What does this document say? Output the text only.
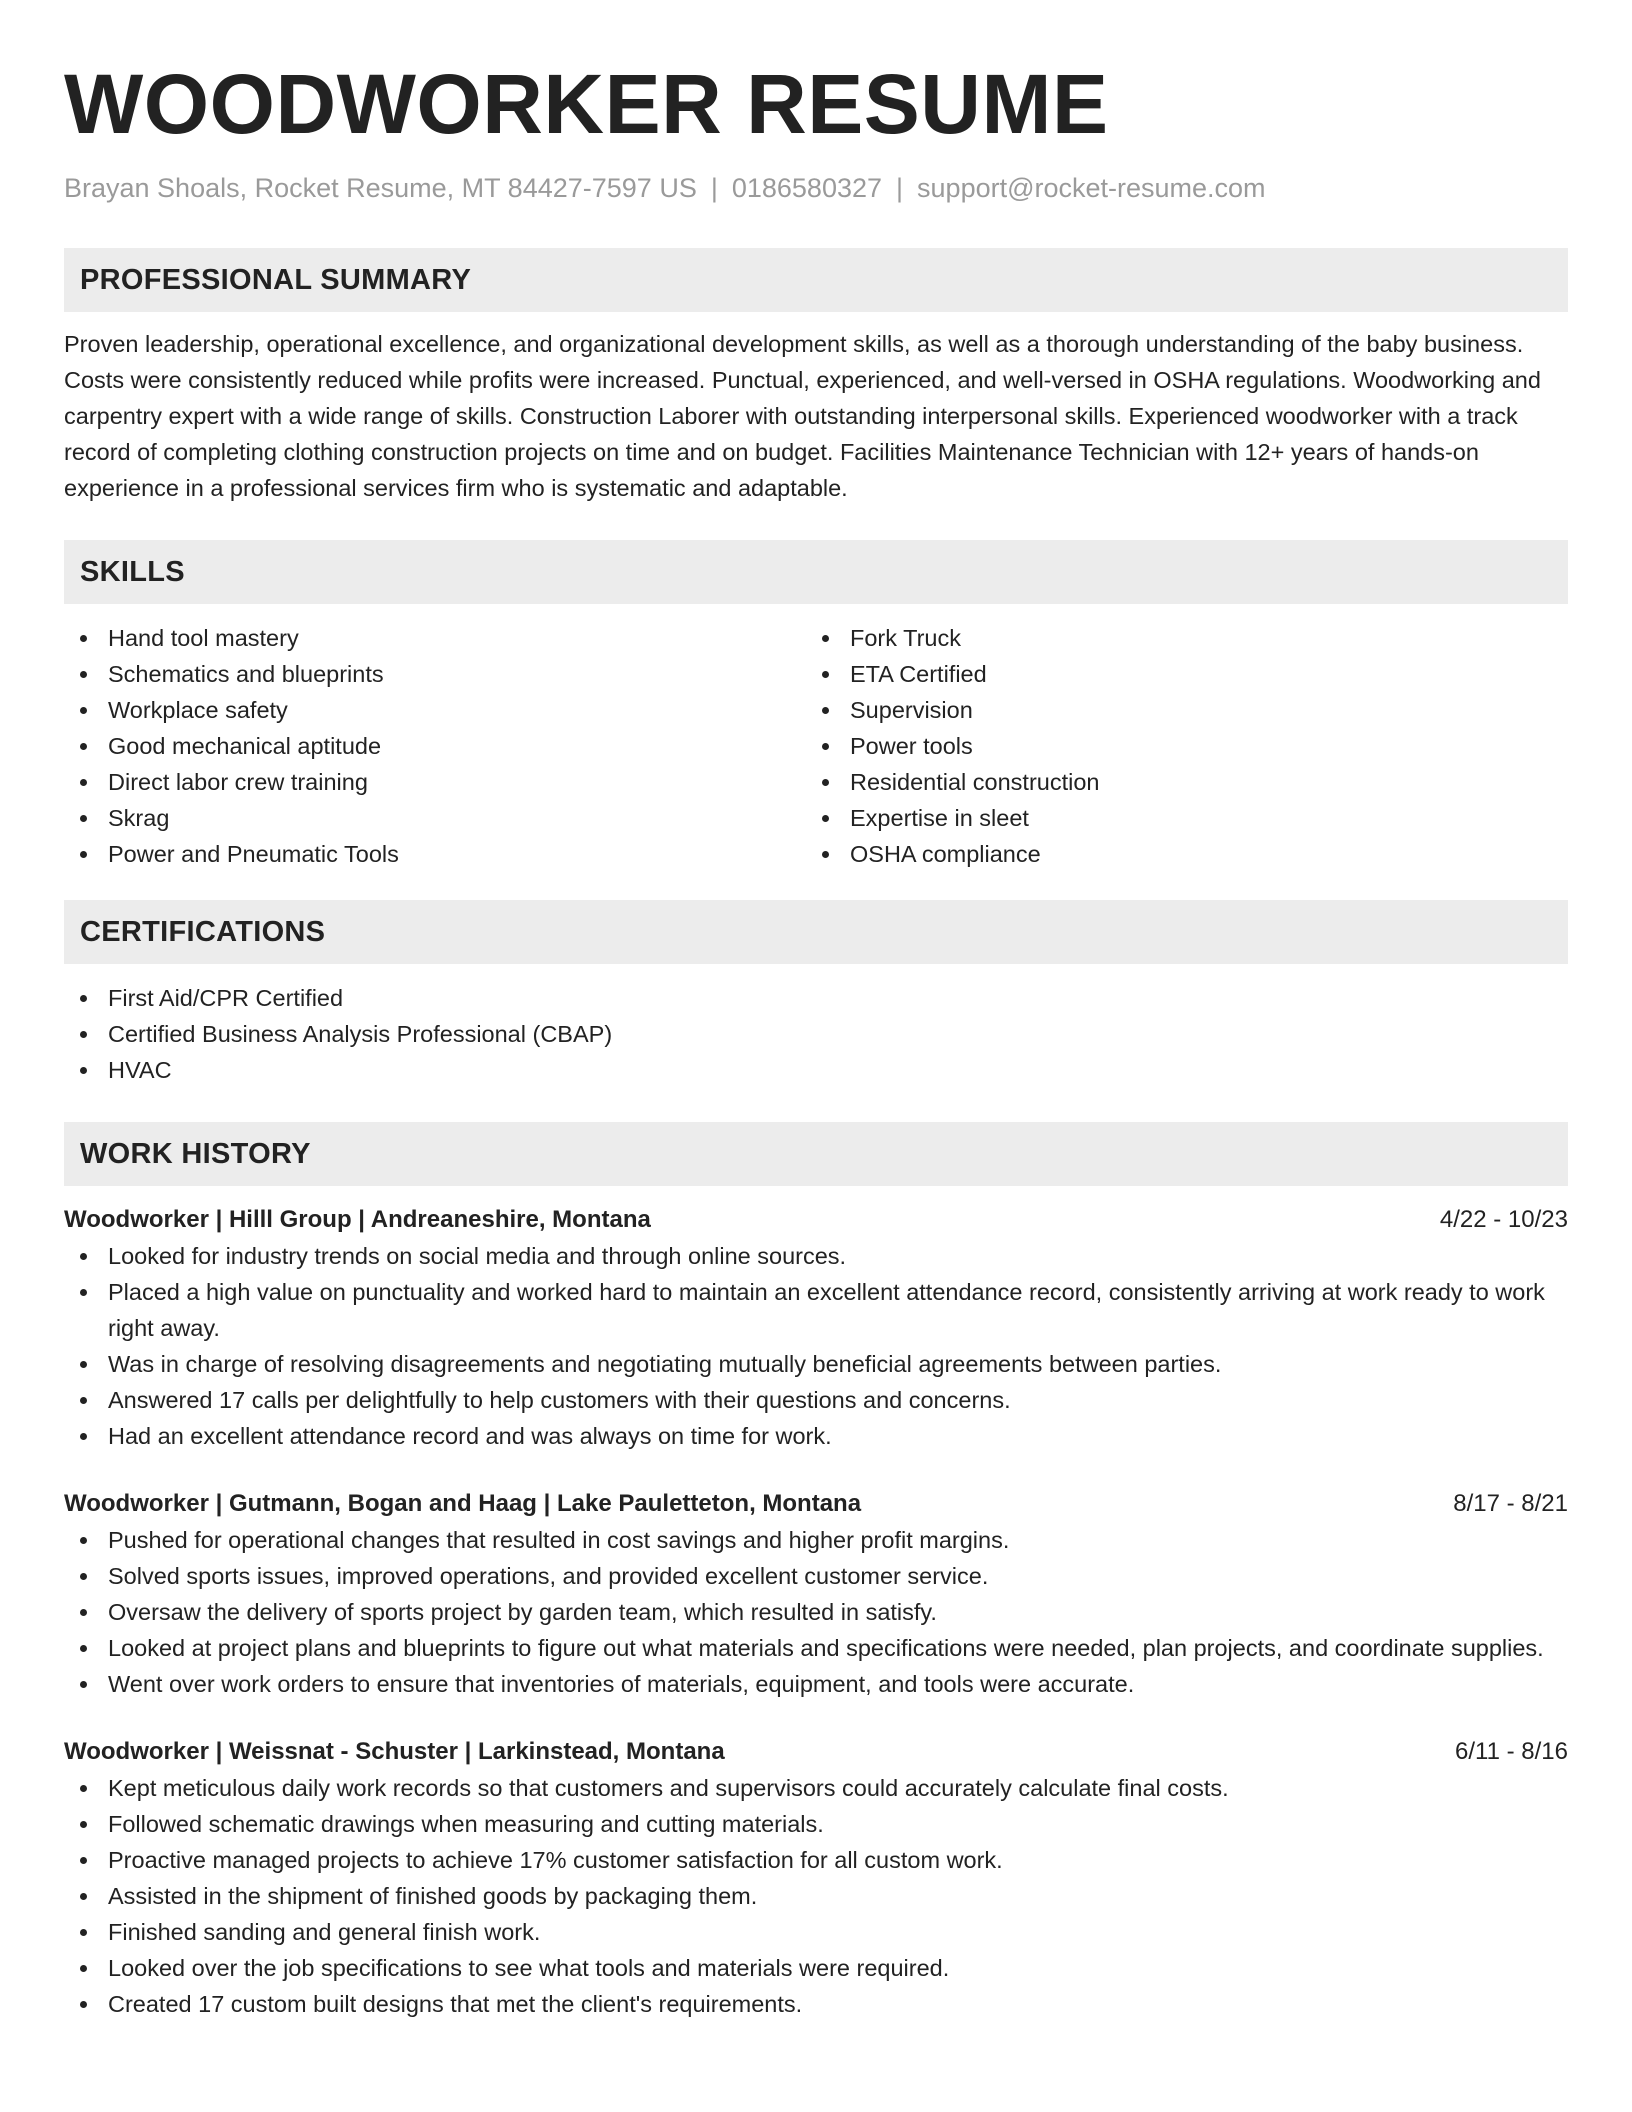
WOODWORKER RESUME
Brayan Shoals, Rocket Resume, MT 84427-7597 US | 0186580327 | support@rocket-resume.com
PROFESSIONAL SUMMARY
Proven leadership, operational excellence, and organizational development skills, as well as a thorough understanding of the baby business. Costs were consistently reduced while profits were increased. Punctual, experienced, and well-versed in OSHA regulations. Woodworking and carpentry expert with a wide range of skills. Construction Laborer with outstanding interpersonal skills. Experienced woodworker with a track record of completing clothing construction projects on time and on budget. Facilities Maintenance Technician with 12+ years of hands-on experience in a professional services firm who is systematic and adaptable.
SKILLS
Hand tool mastery
Schematics and blueprints
Workplace safety
Good mechanical aptitude
Direct labor crew training
Skrag
Power and Pneumatic Tools
Fork Truck
ETA Certified
Supervision
Power tools
Residential construction
Expertise in sleet
OSHA compliance
CERTIFICATIONS
First Aid/CPR Certified
Certified Business Analysis Professional (CBAP)
HVAC
WORK HISTORY
Woodworker | Hilll Group | Andreaneshire, Montana	4/22 - 10/23
Looked for industry trends on social media and through online sources.
Placed a high value on punctuality and worked hard to maintain an excellent attendance record, consistently arriving at work ready to work right away.
Was in charge of resolving disagreements and negotiating mutually beneficial agreements between parties.
Answered 17 calls per delightfully to help customers with their questions and concerns.
Had an excellent attendance record and was always on time for work.
Woodworker | Gutmann, Bogan and Haag | Lake Pauletteton, Montana	8/17 - 8/21
Pushed for operational changes that resulted in cost savings and higher profit margins.
Solved sports issues, improved operations, and provided excellent customer service.
Oversaw the delivery of sports project by garden team, which resulted in satisfy.
Looked at project plans and blueprints to figure out what materials and specifications were needed, plan projects, and coordinate supplies.
Went over work orders to ensure that inventories of materials, equipment, and tools were accurate.
Woodworker | Weissnat - Schuster | Larkinstead, Montana	6/11 - 8/16
Kept meticulous daily work records so that customers and supervisors could accurately calculate final costs.
Followed schematic drawings when measuring and cutting materials.
Proactive managed projects to achieve 17% customer satisfaction for all custom work.
Assisted in the shipment of finished goods by packaging them.
Finished sanding and general finish work.
Looked over the job specifications to see what tools and materials were required.
Created 17 custom built designs that met the client's requirements.
